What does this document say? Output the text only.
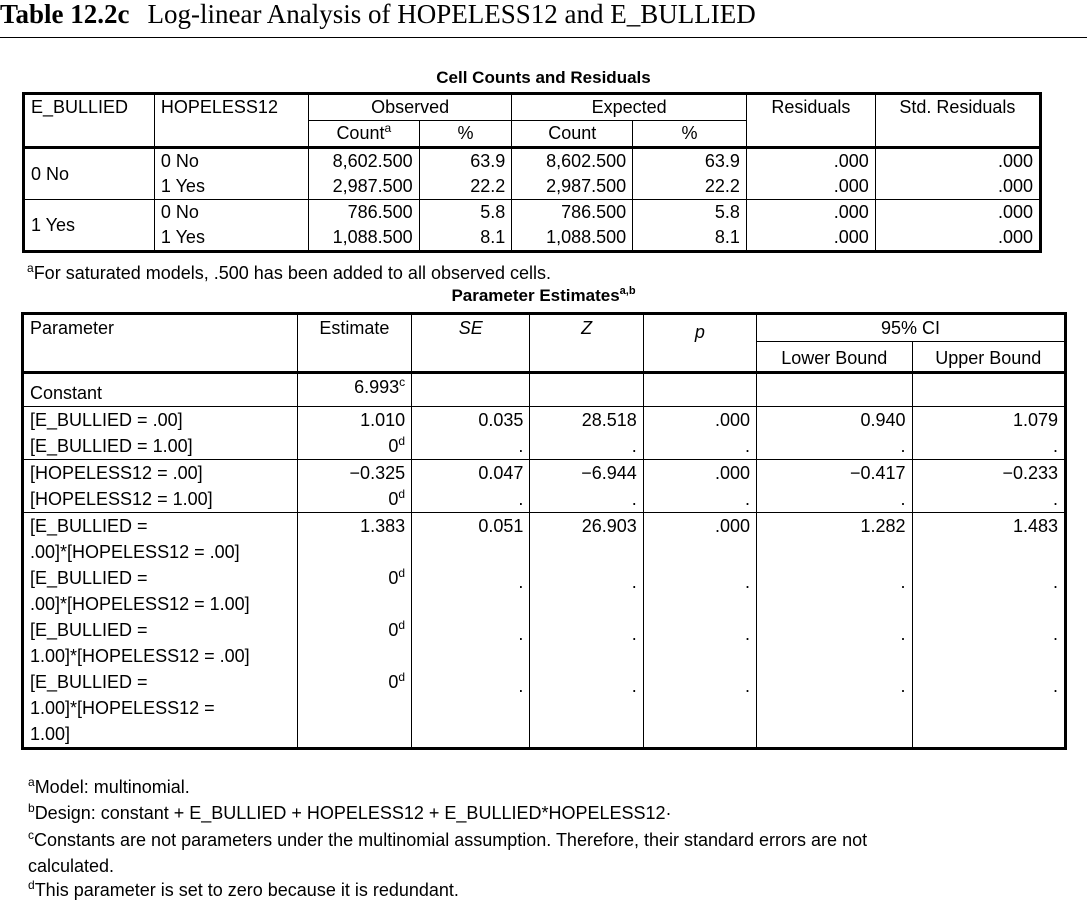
Table 12.2c Log-linear Analysis of HOPELESS12 and E_BULLIED
Cell Counts and Residuals
E_BULLIED	HOPELESS12	Observed		Expected		Residuals	Std. Residuals
		Count$^a$	%	Count	%		
0 No	0 No	8,602.500	63.9	8,602.500	63.9	.000	.000
	1 Yes	2,987.500	22.2	2,987.500	22.2	.000	.000
1 Yes	0 No	786.500	5.8	786.500	5.8	.000	.000
	1 Yes	1,088.500	8.1	1,088.500	8.1	.000	.000
$^a$For saturated models, .500 has been added to all observed cells.
Parameter Estimates$^{a,b}$
Parameter	Estimate	SE	Z	p	95% CI	
					Lower Bound	Upper Bound
Constant	6.993$^c$					
[E_BULLIED = .00]	1.010	0.035	28.518	.000	0.940	1.079
[E_BULLIED = 1.00]	0$^d$	.	.	.	.	.
[HOPELESS12 = .00]	−0.325	0.047	−6.944	.000	−0.417	−0.233
[HOPELESS12 = 1.00]	0$^d$	.	.	.	.	.

[E_BULLIED =
.00]*[HOPELESS12 = .00]	1.383	0.051	26.903	.000	1.282	1.483

[E_BULLIED =
.00]*[HOPELESS12 = 1.00]	0$^d$	.	.	.	.	.

[E_BULLIED =
1.00]*[HOPELESS12 = .00]	0$^d$	.	.	.	.	.

[E_BULLIED =
1.00]*[HOPELESS12 =
1.00]	0$^d$	.	.	.	.	.
$^a$Model: multinomial.
$^b$Design: constant + E_BULLIED + HOPELESS12 + E_BULLIED*HOPELESS12·
$^c$Constants are not parameters under the multinomial assumption. Therefore, their standard errors are not
calculated.
$^d$This parameter is set to zero because it is redundant.
